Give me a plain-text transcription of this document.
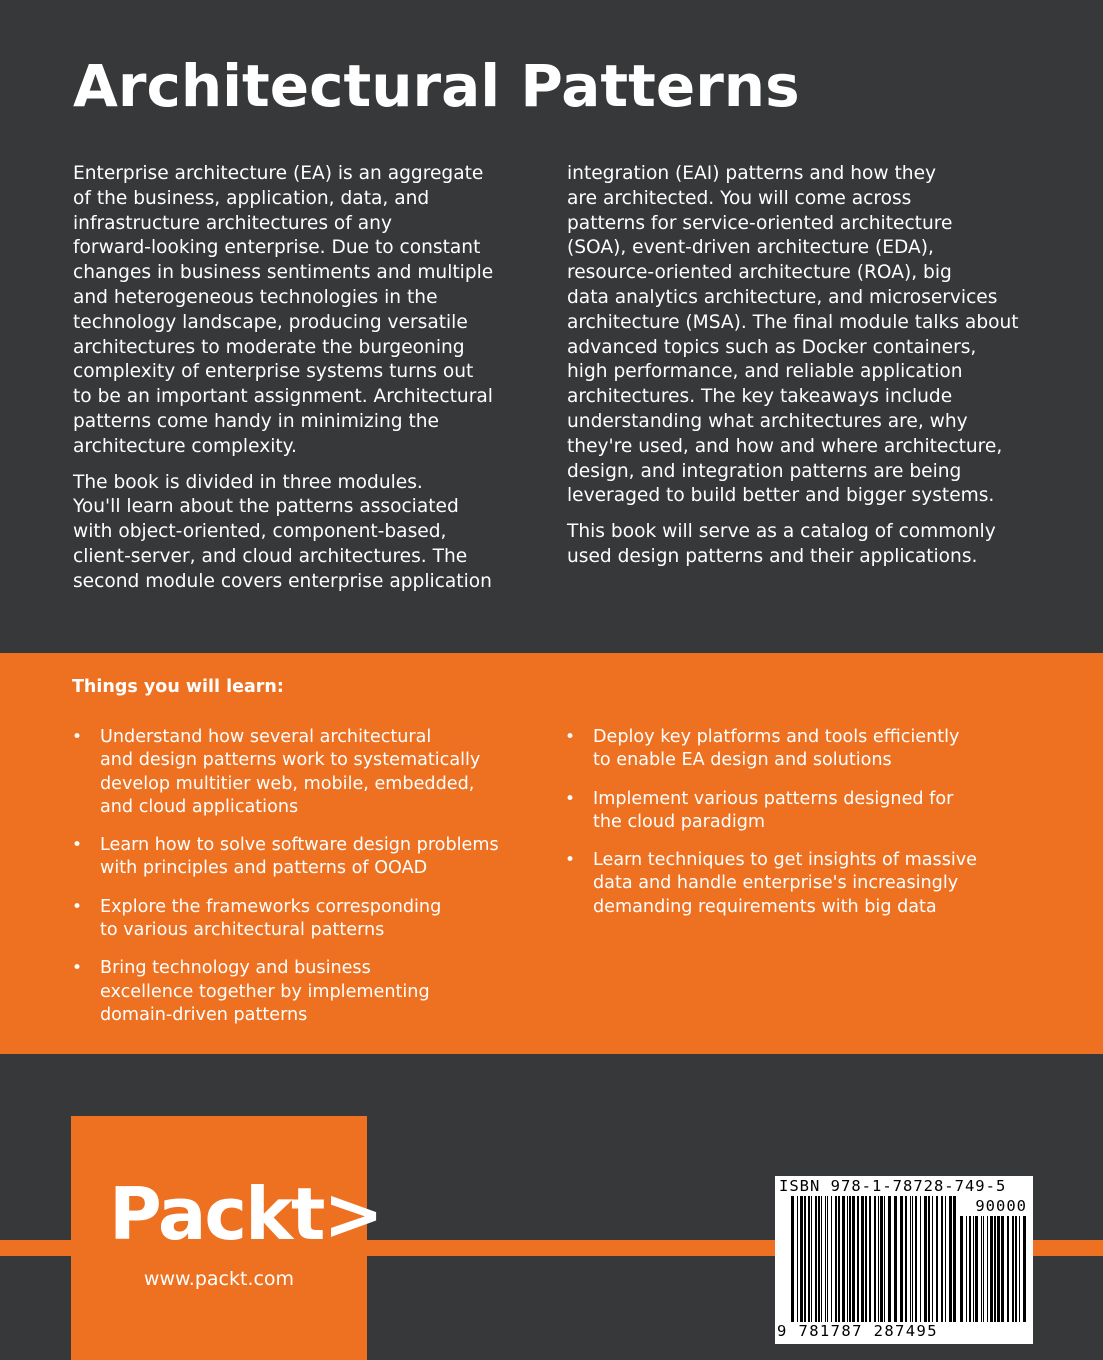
Architectural Patterns

Enterprise architecture (EA) is an aggregate
of the business, application, data, and
infrastructure architectures of any
forward-looking enterprise. Due to constant
changes in business sentiments and multiple
and heterogeneous technologies in the
technology landscape, producing versatile
architectures to moderate the burgeoning
complexity of enterprise systems turns out
to be an important assignment. Architectural
patterns come handy in minimizing the
architecture complexity.

The book is divided in three modules.
You'll learn about the patterns associated
with object-oriented, component-based,
client-server, and cloud architectures. The
second module covers enterprise application

integration (EAI) patterns and how they
are architected. You will come across
patterns for service-oriented architecture
(SOA), event-driven architecture (EDA),
resource-oriented architecture (ROA), big
data analytics architecture, and microservices
architecture (MSA). The final module talks about
advanced topics such as Docker containers,
high performance, and reliable application
architectures. The key takeaways include
understanding what architectures are, why
they're used, and how and where architecture,
design, and integration patterns are being
leveraged to build better and bigger systems.

This book will serve as a catalog of commonly
used design patterns and their applications.

Things you will learn:
• Understand how several architectural
and design patterns work to systematically
develop multitier web, mobile, embedded,
and cloud applications
• Learn how to solve software design problems
with principles and patterns of OOAD
• Explore the frameworks corresponding
to various architectural patterns
• Bring technology and business
excellence together by implementing
domain-driven patterns
• Deploy key platforms and tools efficiently
to enable EA design and solutions
• Implement various patterns designed for
the cloud paradigm
• Learn techniques to get insights of massive
data and handle enterprise's increasingly
demanding requirements with big data
Packt>
www.packt.com
ISBN 978-1-78728-749-5
90000
9 781787 287495
